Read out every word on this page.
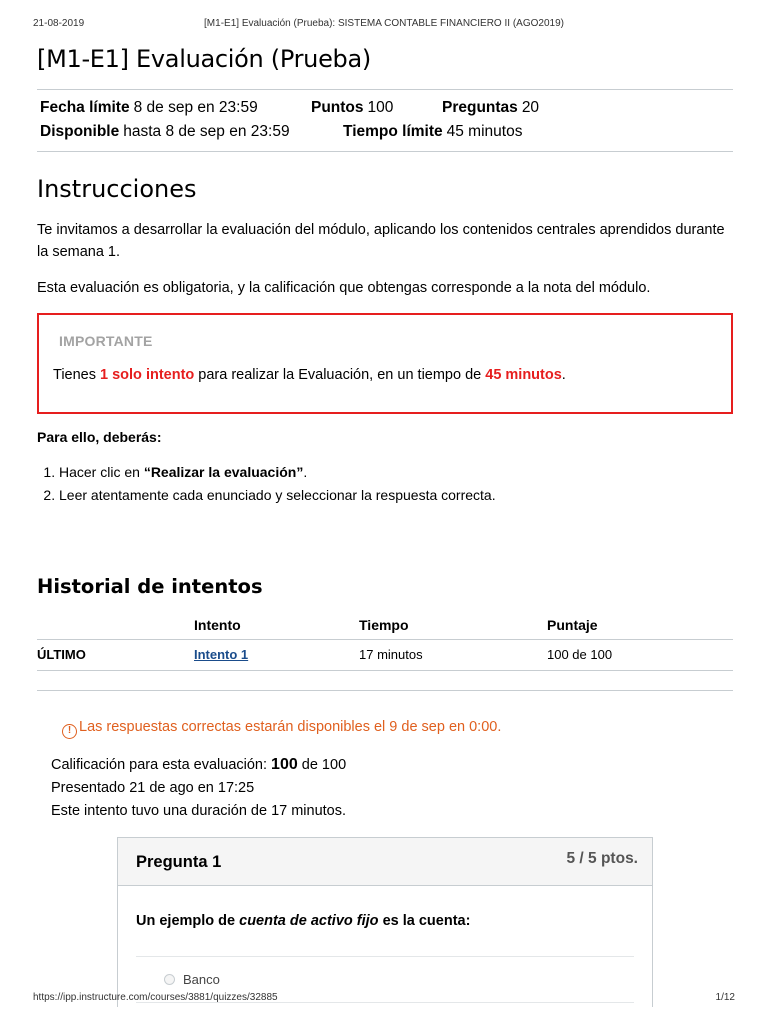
21-08-2019	[M1-E1] Evaluación (Prueba): SISTEMA CONTABLE FINANCIERO II (AGO2019)
[M1-E1] Evaluación (Prueba)
Fecha límite 8 de sep en 23:59	Puntos 100	Preguntas 20
Disponible hasta 8 de sep en 23:59	Tiempo límite 45 minutos
Instrucciones

Te invitamos a desarrollar la evaluación del módulo, aplicando los contenidos centrales aprendidos durante la semana 1.

Esta evaluación es obligatoria, y la calificación que obtengas corresponde a la nota del módulo.

IMPORTANTE
Tienes 1 solo intento para realizar la Evaluación, en un tiempo de 45 minutos.

Para ello, deberás:

1. Hacer clic en “Realizar la evaluación”.
2. Leer atentamente cada enunciado y seleccionar la respuesta correcta.
Historial de intentos
	Intento	Tiempo	Puntaje
ÚLTIMO	Intento 1	17 minutos	100 de 100
! Las respuestas correctas estarán disponibles el 9 de sep en 0:00.
Calificación para esta evaluación: 100 de 100
Presentado 21 de ago en 17:25
Este intento tuvo una duración de 17 minutos.
Pregunta 1	5 / 5 ptos.
Un ejemplo de cuenta de activo fijo es la cuenta:
Banco
https://ipp.instructure.com/courses/3881/quizzes/32885	1/12
